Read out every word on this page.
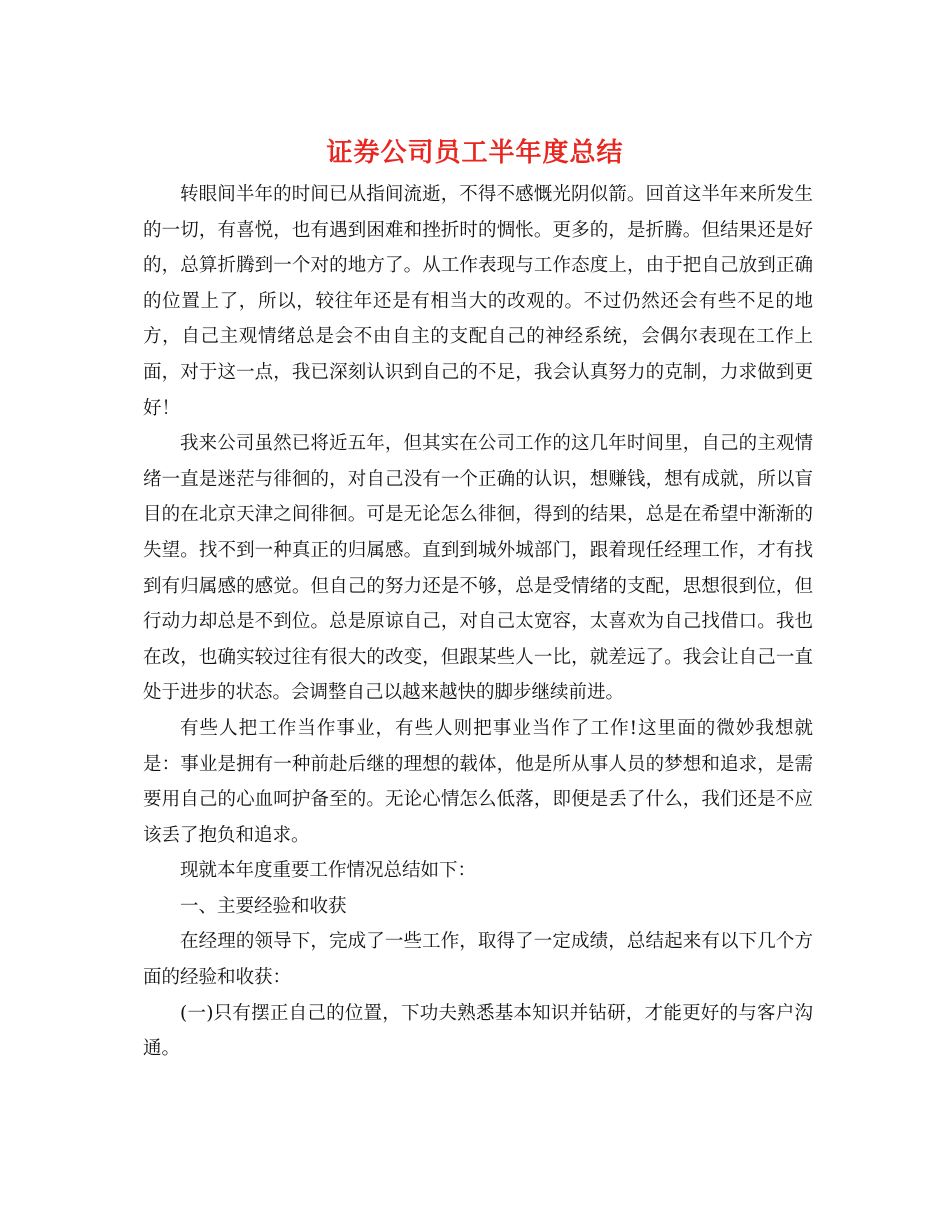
证券公司员工半年度总结

转眼间半年的时间已从指间流逝，不得不感慨光阴似箭。回首这半年来所发生的一切，有喜悦，也有遇到困难和挫折时的惆怅。更多的，是折腾。但结果还是好的，总算折腾到一个对的地方了。从工作表现与工作态度上，由于把自己放到正确的位置上了，所以，较往年还是有相当大的改观的。不过仍然还会有些不足的地方，自己主观情绪总是会不由自主的支配自己的神经系统，会偶尔表现在工作上面，对于这一点，我已深刻认识到自己的不足，我会认真努力的克制，力求做到更好！

我来公司虽然已将近五年，但其实在公司工作的这几年时间里，自己的主观情绪一直是迷茫与徘徊的，对自己没有一个正确的认识，想赚钱，想有成就，所以盲目的在北京天津之间徘徊。可是无论怎么徘徊，得到的结果，总是在希望中渐渐的失望。找不到一种真正的归属感。直到到城外城部门，跟着现任经理工作，才有找到有归属感的感觉。但自己的努力还是不够，总是受情绪的支配，思想很到位，但行动力却总是不到位。总是原谅自己，对自己太宽容，太喜欢为自己找借口。我也在改，也确实较过往有很大的改变，但跟某些人一比，就差远了。我会让自己一直处于进步的状态。会调整自己以越来越快的脚步继续前进。

有些人把工作当作事业，有些人则把事业当作了工作!这里面的微妙我想就是：事业是拥有一种前赴后继的理想的载体，他是所从事人员的梦想和追求，是需要用自己的心血呵护备至的。无论心情怎么低落，即便是丢了什么，我们还是不应该丢了抱负和追求。

现就本年度重要工作情况总结如下：

一、主要经验和收获

在经理的领导下，完成了一些工作，取得了一定成绩，总结起来有以下几个方面的经验和收获：

(一)只有摆正自己的位置，下功夫熟悉基本知识并钻研，才能更好的与客户沟通。
